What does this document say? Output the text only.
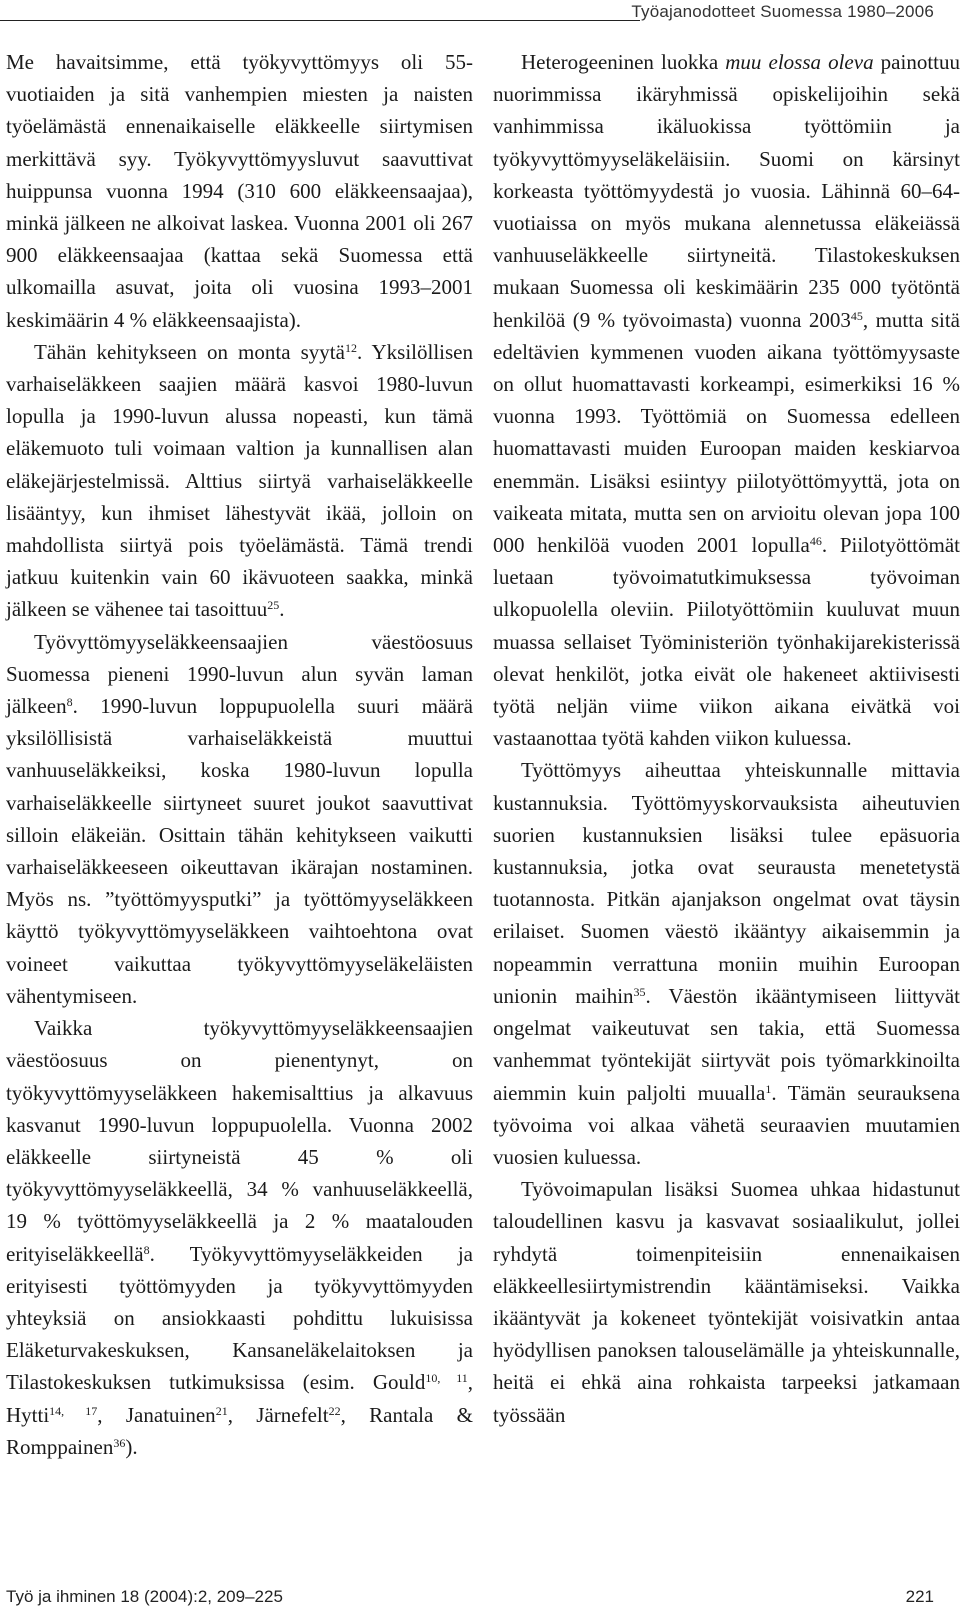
Työajanodotteet Suomessa 1980–2006

Me havaitsimme, että työkyvyttömyys oli 55-vuotiaiden ja sitä vanhempien miesten ja naisten työelämästä ennenaikaiselle eläkkeelle siirtymisen merkittävä syy. Työkyvyttömyysluvut saavuttivat huippunsa vuonna 1994 (310 600 eläkkeensaajaa), minkä jälkeen ne alkoivat laskea. Vuonna 2001 oli 267 900 eläkkeensaajaa (kattaa sekä Suomessa että ulkomailla asuvat, joita oli vuosina 1993–2001 keskimäärin 4 % eläkkeensaajista).

Tähän kehitykseen on monta syytä$^{12}$. Yksilöllisen varhaiseläkkeen saajien määrä kasvoi 1980-luvun lopulla ja 1990-luvun alussa nopeasti, kun tämä eläkemuoto tuli voimaan valtion ja kunnallisen alan eläkejärjestelmissä. Alttius siirtyä varhaiseläkkeelle lisääntyy, kun ihmiset lähestyvät ikää, jolloin on mahdollista siirtyä pois työelämästä. Tämä trendi jatkuu kuitenkin vain 60 ikävuoteen saakka, minkä jälkeen se vähenee tai tasoittuu$^{25}$.

Työvyttömyyseläkkeensaajien väestöosuus Suomessa pieneni 1990-luvun alun syvän laman jälkeen$^8$. 1990-luvun loppupuolella suuri määrä yksilöllisistä varhaiseläkkeistä muuttui vanhuuseläkkeiksi, koska 1980-luvun lopulla varhaiseläkkeelle siirtyneet suuret joukot saavuttivat silloin eläkeiän. Osittain tähän kehitykseen vaikutti varhaiseläkkeeseen oikeuttavan ikärajan nostaminen. Myös ns. ”työttömyysputki” ja työttömyyseläkkeen käyttö työkyvyttömyyseläkkeen vaihtoehtona ovat voineet vaikuttaa työkyvyttömyyseläkeläisten vähentymiseen.

Vaikka työkyvyttömyyseläkkeensaajien väestöosuus on pienentynyt, on työkyvyttömyyseläkkeen hakemisalttius ja alkavuus kasvanut 1990-luvun loppupuolella. Vuonna 2002 eläkkeelle siirtyneistä 45 % oli työkyvyttömyyseläkkeellä, 34 % vanhuuseläkkeellä, 19 % työttömyyseläkkeellä ja 2 % maatalouden erityiseläkkeellä$^8$. Työkyvyttömyyseläkkeiden ja erityisesti työttömyyden ja työkyvyttömyyden yhteyksiä on ansiokkaasti pohdittu lukuisissa Eläketurvakeskuksen, Kansaneläkelaitoksen ja Tilastokeskuksen tutkimuksissa (esim. Gould$^{10, 11}$, Hytti$^{14, 17}$, Janatuinen$^{21}$, Järnefelt$^{22}$, Rantala & Romppainen$^{36}$).

Heterogeeninen luokka muu elossa oleva painottuu nuorimmissa ikäryhmissä opiskelijoihin sekä vanhimmissa ikäluokissa työttömiin ja työkyvyttömyyseläkeläisiin. Suomi on kärsinyt korkeasta työttömyydestä jo vuosia. Lähinnä 60–64-vuotiaissa on myös mukana alennetussa eläkeiässä vanhuuseläkkeelle siirtyneitä. Tilastokeskuksen mukaan Suomessa oli keskimäärin 235 000 työtöntä henkilöä (9 % työvoimasta) vuonna 2003$^{45}$, mutta sitä edeltävien kymmenen vuoden aikana työttömyysaste on ollut huomattavasti korkeampi, esimerkiksi 16 % vuonna 1993. Työttömiä on Suomessa edelleen huomattavasti muiden Euroopan maiden keskiarvoa enemmän. Lisäksi esiintyy piilotyöttömyyttä, jota on vaikeata mitata, mutta sen on arvioitu olevan jopa 100 000 henkilöä vuoden 2001 lopulla$^{46}$. Piilotyöttömät luetaan työvoimatutkimuksessa työvoiman ulkopuolella oleviin. Piilotyöttömiin kuuluvat muun muassa sellaiset Työministeriön työnhakijarekisterissä olevat henkilöt, jotka eivät ole hakeneet aktiivisesti työtä neljän viime viikon aikana eivätkä voi vastaanottaa työtä kahden viikon kuluessa.

Työttömyys aiheuttaa yhteiskunnalle mittavia kustannuksia. Työttömyyskorvauksista aiheutuvien suorien kustannuksien lisäksi tulee epäsuoria kustannuksia, jotka ovat seurausta menetetystä tuotannosta. Pitkän ajanjakson ongelmat ovat täysin erilaiset. Suomen väestö ikääntyy aikaisemmin ja nopeammin verrattuna moniin muihin Euroopan unionin maihin$^{35}$. Väestön ikääntymiseen liittyvät ongelmat vaikeutuvat sen takia, että Suomessa vanhemmat työntekijät siirtyvät pois työmarkkinoilta aiemmin kuin paljolti muualla$^1$. Tämän seurauksena työvoima voi alkaa vähetä seuraavien muutamien vuosien kuluessa.

Työvoimapulan lisäksi Suomea uhkaa hidastunut taloudellinen kasvu ja kasvavat sosiaalikulut, jollei ryhdytä toimenpiteisiin ennenaikaisen eläkkeellesiirtymistrendin kääntämiseksi. Vaikka ikääntyvät ja kokeneet työntekijät voisivatkin antaa hyödyllisen panoksen talouselämälle ja yhteiskunnalle, heitä ei ehkä aina rohkaista tarpeeksi jatkamaan työssään

Työ ja ihminen 18 (2004):2, 209–225	221
